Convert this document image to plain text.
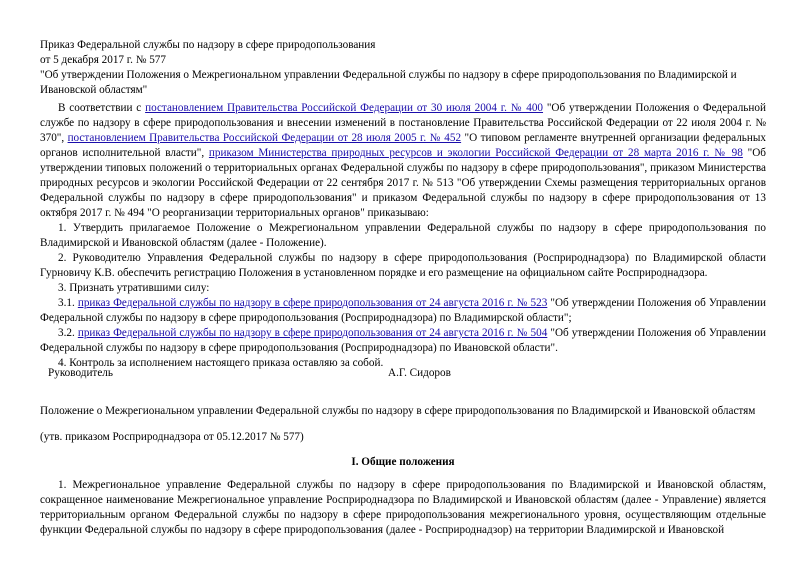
Приказ Федеральной службы по надзору в сфере природопользования

от 5 декабря 2017 г. № 577

"Об утверждении Положения о Межрегиональном управлении Федеральной службы по надзору в сфере природопользования по Владимирской и Ивановской областям"

В соответствии с постановлением Правительства Российской Федерации от 30 июля 2004 г. № 400 "Об утверждении Положения о Федеральной службе по надзору в сфере природопользования и внесении изменений в постановление Правительства Российской Федерации от 22 июля 2004 г. № 370", постановлением Правительства Российской Федерации от 28 июля 2005 г. № 452 "О типовом регламенте внутренней организации федеральных органов исполнительной власти", приказом Министерства природных ресурсов и экологии Российской Федерации от 28 марта 2016 г. № 98 "Об утверждении типовых положений о территориальных органах Федеральной службы по надзору в сфере природопользования", приказом Министерства природных ресурсов и экологии Российской Федерации от 22 сентября 2017 г. № 513 "Об утверждении Схемы размещения территориальных органов Федеральной службы по надзору в сфере природопользования" и приказом Федеральной службы по надзору в сфере природопользования от 13 октября 2017 г. № 494 "О реорганизации территориальных органов" приказываю:

1. Утвердить прилагаемое Положение о Межрегиональном управлении Федеральной службы по надзору в сфере природопользования по Владимирской и Ивановской областям (далее - Положение).

2. Руководителю Управления Федеральной службы по надзору в сфере природопользования (Росприроднадзора) по Владимирской области Гурновичу К.В. обеспечить регистрацию Положения в установленном порядке и его размещение на официальном сайте Росприроднадзора.

3. Признать утратившими силу:

3.1. приказ Федеральной службы по надзору в сфере природопользования от 24 августа 2016 г. № 523 "Об утверждении Положения об Управлении Федеральной службы по надзору в сфере природопользования (Росприроднадзора) по Владимирской области";

3.2. приказ Федеральной службы по надзору в сфере природопользования от 24 августа 2016 г. № 504 "Об утверждении Положения об Управлении Федеральной службы по надзору в сфере природопользования (Росприроднадзора) по Ивановской области".

4. Контроль за исполнением настоящего приказа оставляю за собой.

Руководитель	А.Г. Сидоров

Положение о Межрегиональном управлении Федеральной службы по надзору в сфере природопользования по Владимирской и Ивановской областям

(утв. приказом Росприроднадзора от 05.12.2017 № 577)

I. Общие положения

1. Межрегиональное управление Федеральной службы по надзору в сфере природопользования по Владимирской и Ивановской областям, сокращенное наименование Межрегиональное управление Росприроднадзора по Владимирской и Ивановской областям (далее - Управление) является территориальным органом Федеральной службы по надзору в сфере природопользования межрегионального уровня, осуществляющим отдельные функции Федеральной службы по надзору в сфере природопользования (далее - Росприроднадзор) на территории Владимирской и Ивановской
